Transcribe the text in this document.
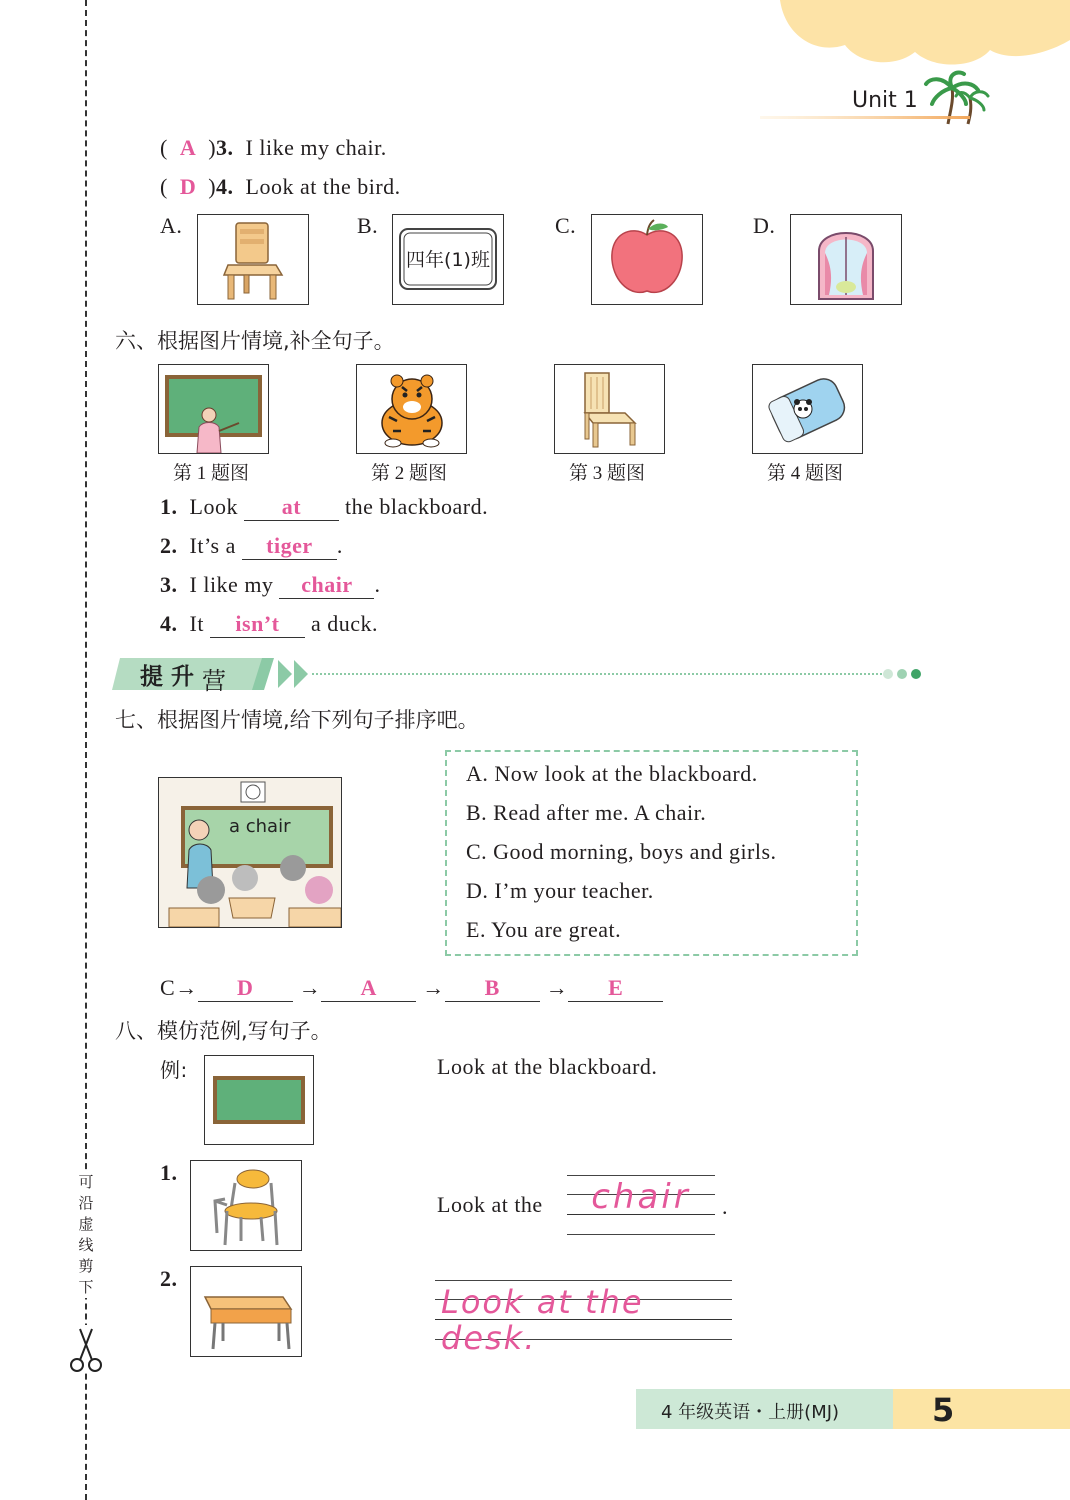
Unit 1
可
沿
虚
线
剪
下
(  A  )3. I like my chair.
(  D  )4. Look at the bird.
A.	B.	C.	D.
四年(1)班
六、根据图片情境,补全句子。
第 1 题图	第 2 题图	第 3 题图	第 4 题图
1. Look at the blackboard.
2. It’s a tiger .
3. I like my chair .
4. It isn’t a duck.
提 升 营
七、根据图片情境,给下列句子排序吧。
a chair
A. Now look at the blackboard.
B. Read after me. A chair.
C. Good morning, boys and girls.
D. I’m your teacher.
E. You are great.
C→ D → A → B → E
八、模仿范例,写句子。
例:	Look at the blackboard.
1.
Look at the	chair	.
2.
Look at the desk.
4 年级英语・上册(MJ)	5
